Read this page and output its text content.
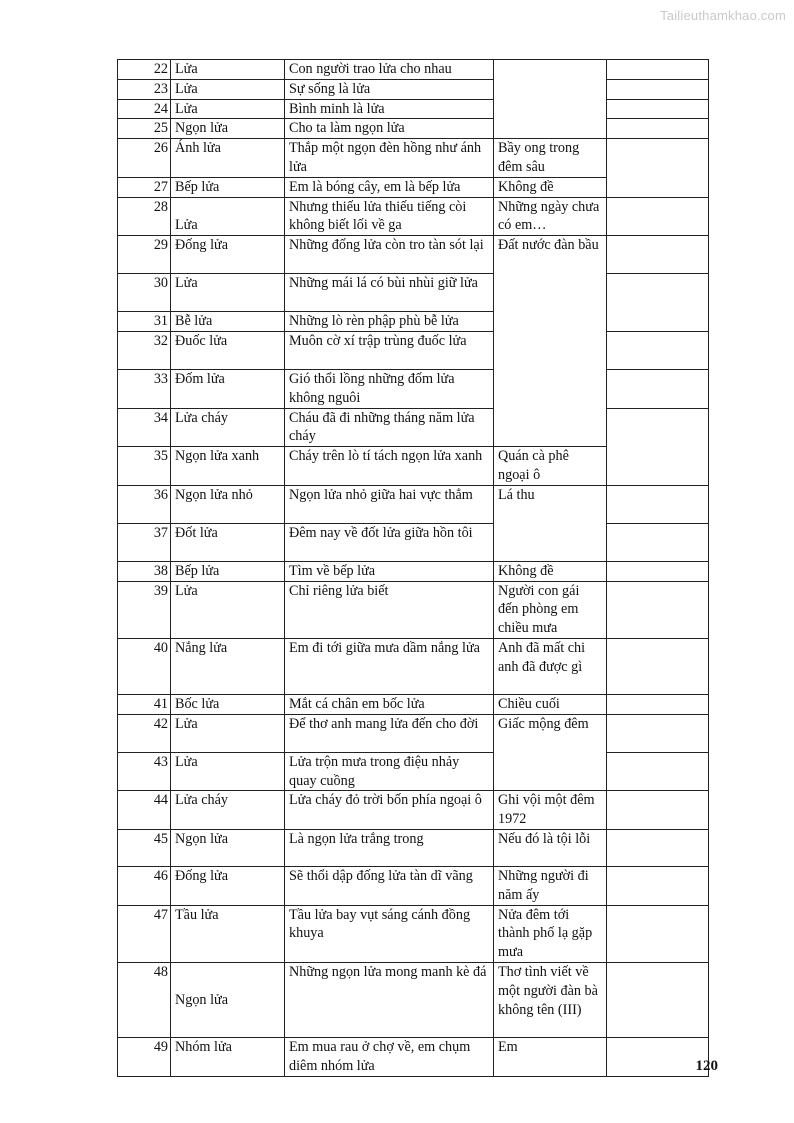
Tailieuthamkhao.com
22	Lửa	Con người trao lửa cho nhau		
23	Lửa	Sự sống là lửa		
24	Lửa	Bình minh là lửa		
25	Ngọn lửa	Cho ta làm ngọn lửa		
26	Ánh lửa	Thắp một ngọn đèn hồng như ánh lửa	Bầy ong trong đêm sâu	
27	Bếp lửa	Em là bóng cây, em là bếp lửa	Không đề	
28	Lửa	Nhưng thiếu lửa thiếu tiếng còi không biết lối về ga	Những ngày chưa có em…	
29	Đống lửa	Những đống lửa còn tro tàn sót lại	Đất nước đàn bầu	
30	Lửa	Những mái lá có bùi nhùi giữ lửa		
31	Bễ lửa	Những lò rèn phập phù bễ lửa		
32	Đuốc lửa	Muôn cờ xí trập trùng đuốc lửa		
33	Đốm lửa	Gió thổi lồng những đốm lửa không nguôi		
34	Lửa cháy	Cháu đã đi những tháng năm lửa cháy		
35	Ngọn lửa xanh	Cháy trên lò tí tách ngọn lửa xanh	Quán cà phê ngoại ô	
36	Ngọn lửa nhỏ	Ngọn lửa nhỏ giữa hai vực thẳm	Lá thu	
37	Đốt lửa	Đêm nay về đốt lửa giữa hồn tôi		
38	Bếp lửa	Tìm về bếp lửa	Không đề	
39	Lửa	Chỉ riêng lửa biết	Người con gái đến phòng em chiều mưa	
40	Nắng lửa	Em đi tới giữa mưa dầm nắng lửa	Anh đã mất chi anh đã được gì	
41	Bốc lửa	Mắt cá chân em bốc lửa	Chiều cuối	
42	Lửa	Để thơ anh mang lửa đến cho đời	Giấc mộng đêm	
43	Lửa	Lửa trộn mưa trong điệu nhảy quay cuồng		
44	Lửa cháy	Lửa cháy đỏ trời bốn phía ngoại ô	Ghi vội một đêm 1972	
45	Ngọn lửa	Là ngọn lửa trắng trong	Nếu đó là tội lỗi	
46	Đống lửa	Sẽ thổi dập đống lửa tàn dĩ vãng	Những người đi năm ấy	
47	Tầu lửa	Tầu lửa bay vụt sáng cánh đồng khuya	Nửa đêm tới thành phố lạ gặp mưa	
48	Ngọn lửa	Những ngọn lửa mong manh kè đá	Thơ tình viết về một người đàn bà không tên (III)	
49	Nhóm lửa	Em mua rau ở chợ về, em chụm diêm nhóm lửa	Em	
120
